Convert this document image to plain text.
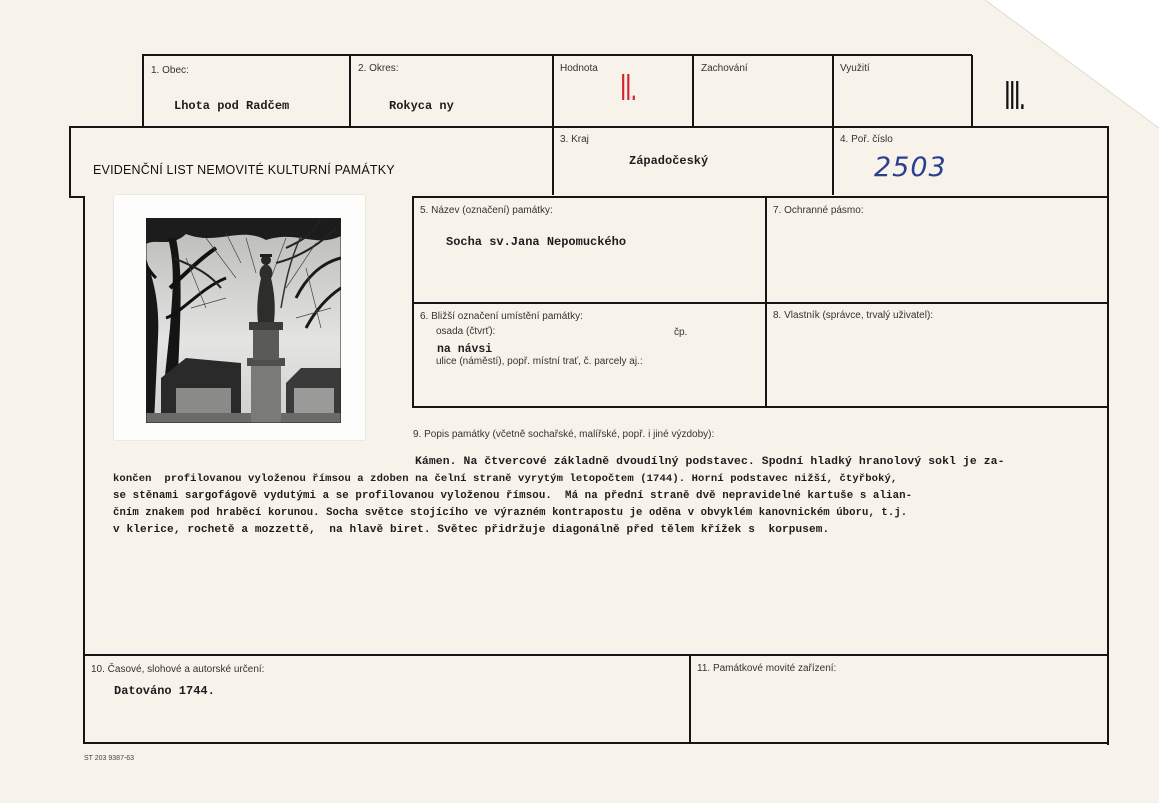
1. Obec:
Lhota pod Radčem
2. Okres:
Rokyca ny
Hodnota II.	Zachování	Využití
III.
EVIDENČNÍ LIST NEMOVITÉ KULTURNÍ PAMÁTKY
3. Kraj
Západočeský
4. Poř. číslo
2503
5. Název (označení) památky:
Socha sv.Jana Nepomuckého
7. Ochranné pásmo:
6. Bližší označení umístění památky:
osada (čtvrť):	čp.
na návsi
ulice (náměstí), popř. místní trať, č. parcely aj.:
8. Vlastník (správce, trvalý uživatel):
9. Popis památky (včetně sochařské, malířské, popř. i jiné výzdoby):
Kámen. Na čtvercové základně dvoudílný podstavec. Spodní hladký hranolový sokl je za-
končen  profilovanou vyloženou římsou a zdoben na čelní straně vyrytým letopočtem (1744). Horní podstavec nižší, čtyřboký,
se stěnami sargofágově vydutými a se profilovanou vyloženou římsou.  Má na přední straně dvě nepravidelné kartuše s alian-
čním znakem pod hraběcí korunou. Socha světce stojícího ve výrazném kontrapostu je oděna v obvyklém kanovnickém úboru, t.j.
v klerice, rochetě a mozzettě,  na hlavě biret. Světec přidržuje diagonálně před tělem křížek s  korpusem.
10. Časové, slohové a autorské určení:
Datováno 1744.
11. Památkové movité zařízení:
ST 203 9387-63
